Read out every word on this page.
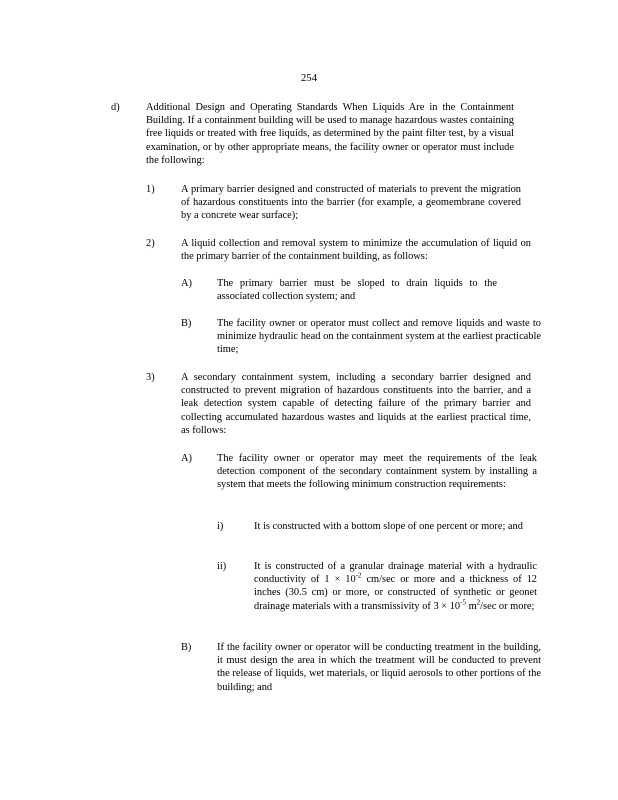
254
d)	Additional Design and Operating Standards When Liquids Are in the Containment Building. If a containment building will be used to manage hazardous wastes containing free liquids or treated with free liquids, as determined by the paint filter test, by a visual examination, or by other appropriate means, the facility owner or operator must include the following:
1)	A primary barrier designed and constructed of materials to prevent the migration of hazardous constituents into the barrier (for example, a geomembrane covered by a concrete wear surface);
2)	A liquid collection and removal system to minimize the accumulation of liquid on the primary barrier of the containment building, as follows:
A) The primary barrier must be sloped to drain liquids to the associated collection system; and
B) The facility owner or operator must collect and remove liquids and waste to minimize hydraulic head on the containment system at the earliest practicable time;
3)	A secondary containment system, including a secondary barrier designed and constructed to prevent migration of hazardous constituents into the barrier, and a leak detection system capable of detecting failure of the primary barrier and collecting accumulated hazardous wastes and liquids at the earliest practical time, as follows:
A) The facility owner or operator may meet the requirements of the leak detection component of the secondary containment system by installing a system that meets the following minimum construction requirements:
i)	It is constructed with a bottom slope of one percent or more; and
ii)	It is constructed of a granular drainage material with a hydraulic conductivity of $1 \times 10^{-2}$ cm/sec or more and a thickness of 12 inches (30.5 cm) or more, or constructed of synthetic or geonet drainage materials with a transmissivity of $3 \times 10^{-5}$ $m^2/\sec$ or more;
B) If the facility owner or operator will be conducting treatment in the building, it must design the area in which the treatment will be conducted to prevent the release of liquids, wet materials, or liquid aerosols to other portions of the building; and
